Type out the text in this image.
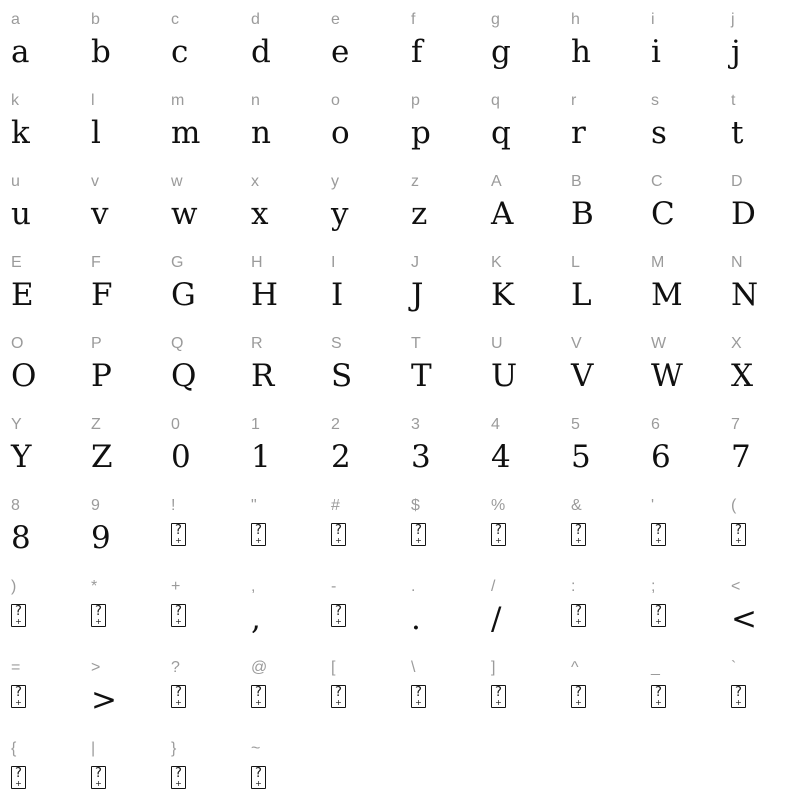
a
a
b
b
c
c
d
d
e
e
f
f
g
g
h
h
i
i
j
j
k
k
l
l
m
m
n
n
o
o
p
p
q
q
r
r
s
s
t
t
u
u
v
v
w
w
x
x
y
y
z
z
A
A
B
B
C
C
D
D
E
E
F
F
G
G
H
H
I
I
J
J
K
K
L
L
M
M
N
N
O
O
P
P
Q
Q
R
R
S
S
T
T
U
U
V
V
W
W
X
X
Y
Y
Z
Z
0
0
1
1
2
2
3
3
4
4
5
5
6
6
7
7
8
8
9
9
!
?
+
"
?
+
#
?
+
$
?
+
%
?
+
&
?
+
'
?
+
(
?
+
)
?
+
*
?
+
+
?
+
,
,
-
?
+
.
.
/
/
:
?
+
;
?
+
<
<
=
?
+
>
>
?
?
+
@
?
+
[
?
+
\
?
+
]
?
+
^
?
+
_
?
+
`
?
+
{
?
+
|
?
+
}
?
+
~
?
+
